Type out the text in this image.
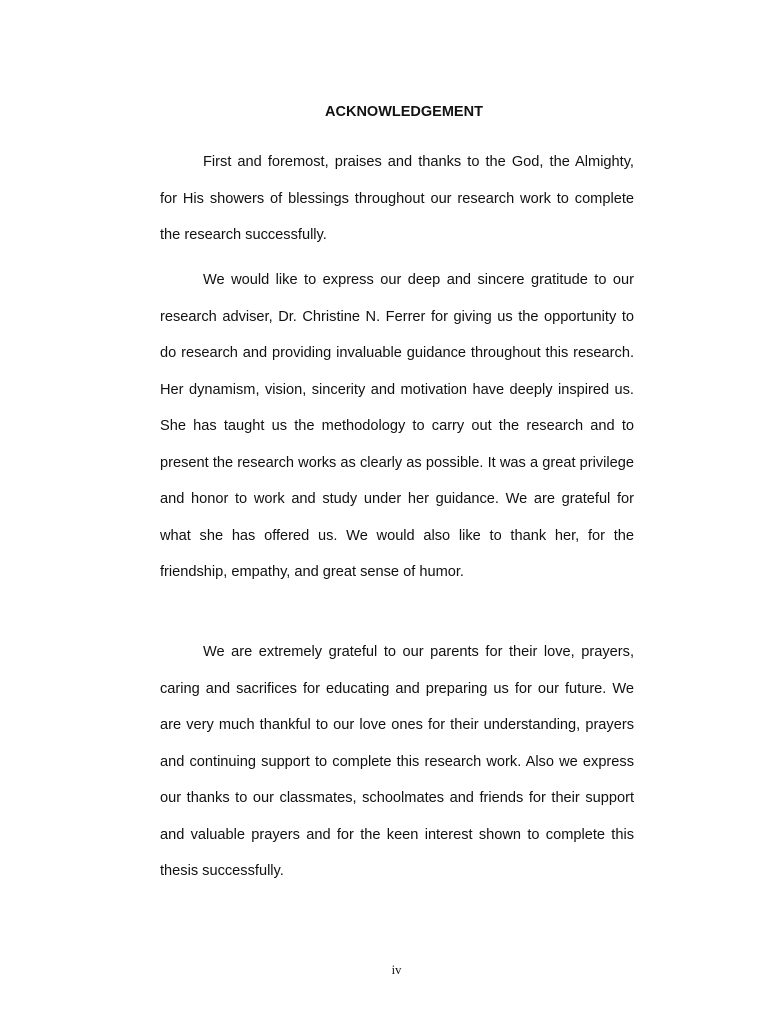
ACKNOWLEDGEMENT

First and foremost, praises and thanks to the God, the Almighty, for His showers of blessings throughout our research work to complete the research successfully.

We would like to express our deep and sincere gratitude to our research adviser, Dr. Christine N. Ferrer for giving us the opportunity to do research and providing invaluable guidance throughout this research. Her dynamism, vision, sincerity and motivation have deeply inspired us. She has taught us the methodology to carry out the research and to present the research works as clearly as possible. It was a great privilege and honor to work and study under her guidance. We are grateful for what she has offered us. We would also like to thank her, for the friendship, empathy, and great sense of humor.

We are extremely grateful to our parents for their love, prayers, caring and sacrifices for educating and preparing us for our future. We are very much thankful to our love ones for their understanding, prayers and continuing support to complete this research work. Also we express our thanks to our classmates, schoolmates and friends for their support and valuable prayers and for the keen interest shown to complete this thesis successfully.

iv
